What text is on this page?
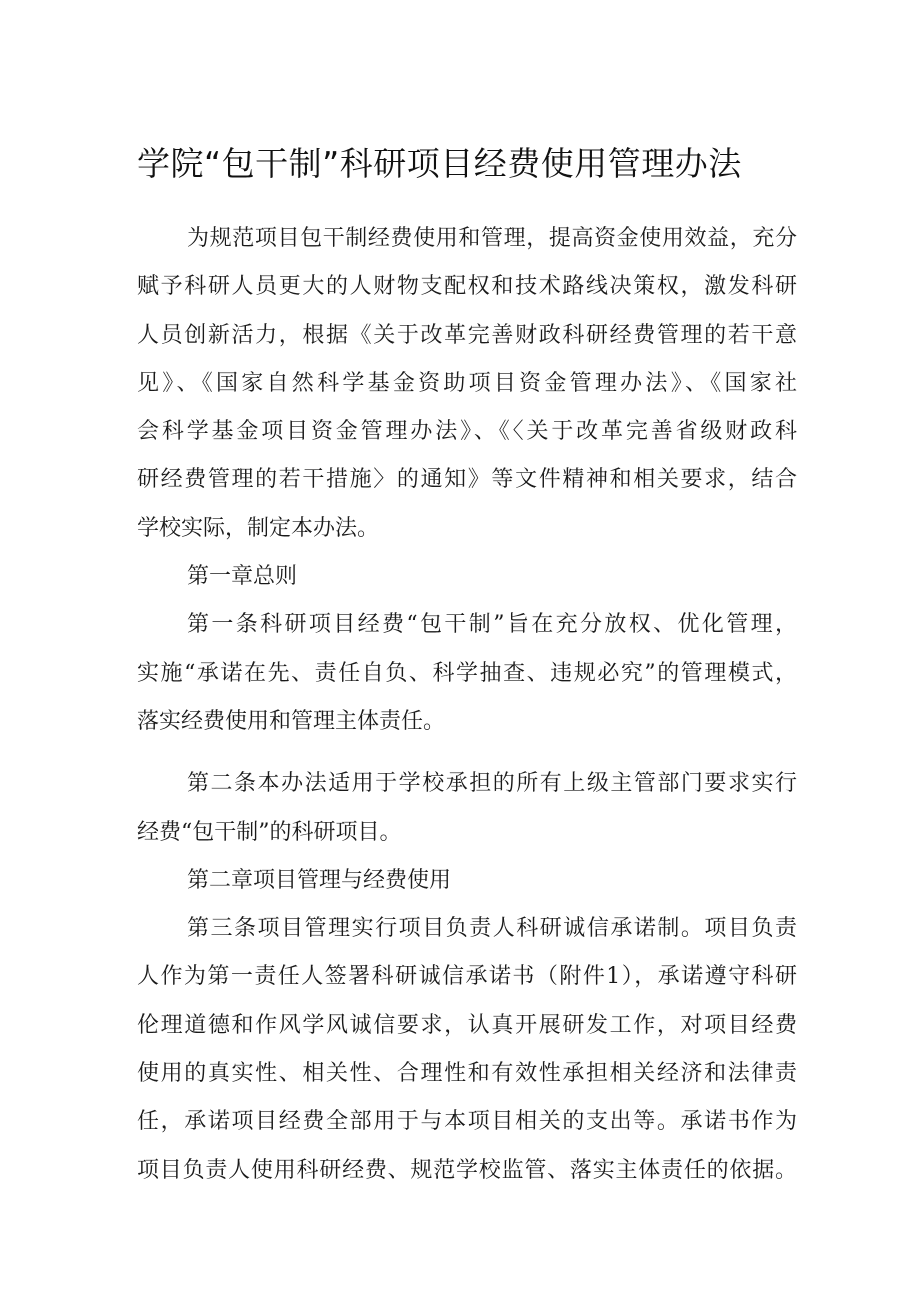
学院“包干制”科研项目经费使用管理办法
为规范项目包干制经费使用和管理，提高资金使用效益，充分
赋予科研人员更大的人财物支配权和技术路线决策权，激发科研
人员创新活力，根据《关于改革完善财政科研经费管理的若干意
见》、《国家自然科学基金资助项目资金管理办法》、《国家社
会科学基金项目资金管理办法》、《〈关于改革完善省级财政科
研经费管理的若干措施〉的通知》等文件精神和相关要求，结合
学校实际，制定本办法。
第一章总则
第一条科研项目经费“包干制”旨在充分放权、优化管理，
实施“承诺在先、责任自负、科学抽查、违规必究”的管理模式，
落实经费使用和管理主体责任。
第二条本办法适用于学校承担的所有上级主管部门要求实行
经费“包干制”的科研项目。
第二章项目管理与经费使用
第三条项目管理实行项目负责人科研诚信承诺制。项目负责
人作为第一责任人签署科研诚信承诺书（附件1），承诺遵守科研
伦理道德和作风学风诚信要求，认真开展研发工作，对项目经费
使用的真实性、相关性、合理性和有效性承担相关经济和法律责
任，承诺项目经费全部用于与本项目相关的支出等。承诺书作为
项目负责人使用科研经费、规范学校监管、落实主体责任的依据。
